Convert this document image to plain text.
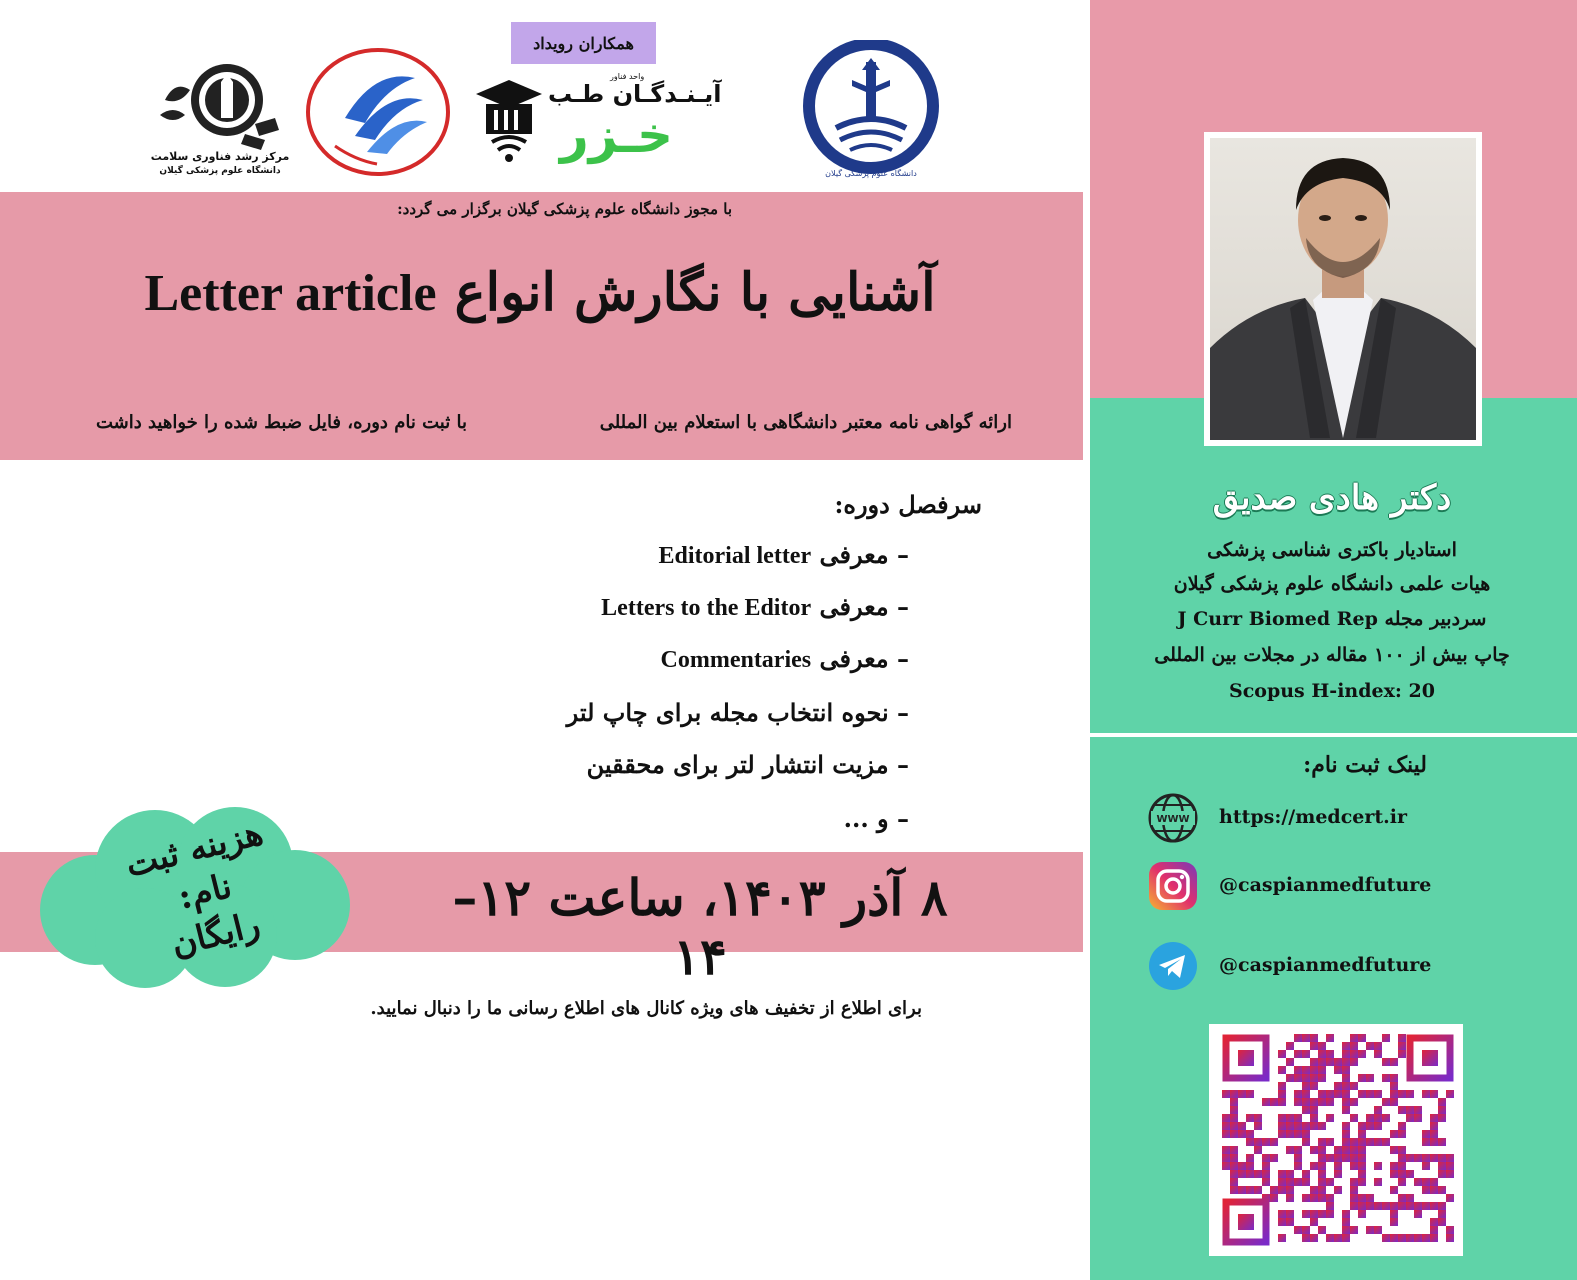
دکتر هادی صدیق
استادیار باکتری شناسی پزشکی
هیات علمی دانشگاه علوم پزشکی گیلان
سردبیر مجله J Curr Biomed Rep
چاپ بیش از ۱۰۰ مقاله در مجلات بین المللی
Scopus H-index: 20
لینک ثبت نام:
WWW https://medcert.ir
@caspianmedfuture
@caspianmedfuture
همکاران رویداد
مرکز رشد فناوری سلامت
دانشگاه علوم پزشکی گیلان
واحد فناور
آیـنـدگـان طـب
خـزر
دانشگاه علوم پزشکی گیلان
با مجوز دانشگاه علوم پزشکی گیلان برگزار می گردد:
آشنایی با نگارش انواع Letter article
ارائه گواهی نامه معتبر دانشگاهی با استعلام بین المللی
با ثبت نام دوره، فایل ضبط شده را خواهید داشت
سرفصل دوره:
– معرفی Editorial letter
– معرفی Letters to the Editor
– معرفی Commentaries
– نحوه انتخاب مجله برای چاپ لتر
– مزیت انتشار لتر برای محققین
– و ...
۸ آذر ۱۴۰۳، ساعت ۱۲– ۱۴
هزینه ثبت نام:
رایگان
برای اطلاع از تخفیف های ویژه کانال های اطلاع رسانی ما را دنبال نمایید.
